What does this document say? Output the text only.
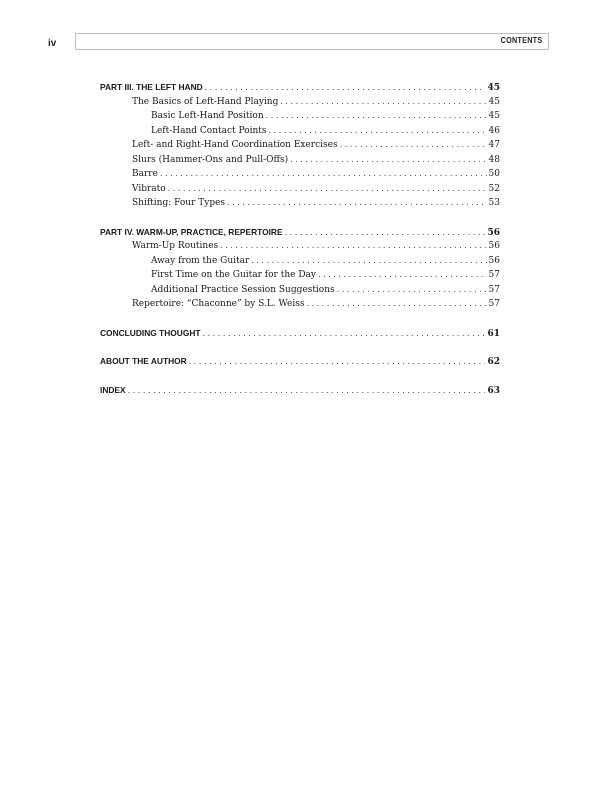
iv	CONTENTS
PART III. THE LEFT HAND . . .	45
The Basics of Left-Hand Playing . . .	45
Basic Left-Hand Position . . .	45
Left-Hand Contact Points . . .	46
Left- and Right-Hand Coordination Exercises . . .	47
Slurs (Hammer-Ons and Pull-Offs) . . .	48
Barre . . .	50
Vibrato . . .	52
Shifting: Four Types . . .	53
PART IV. WARM-UP, PRACTICE, REPERTOIRE . . .	56
Warm-Up Routines . . .	56
Away from the Guitar . . .	56
First Time on the Guitar for the Day . . .	57
Additional Practice Session Suggestions . . .	57
Repertoire: “Chaconne” by S.L. Weiss . . .	57
CONCLUDING THOUGHT . . .	61
ABOUT THE AUTHOR . . .	62
INDEX . . .	63
